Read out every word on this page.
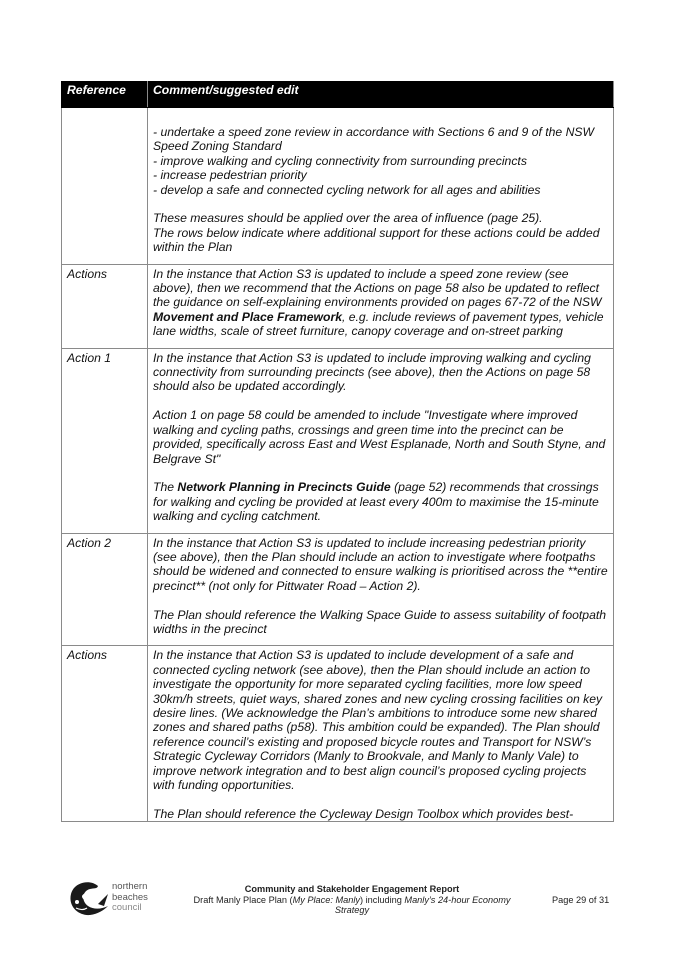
Reference	Comment/suggested edit

- undertake a speed zone review in accordance with Sections 6 and 9 of the NSW Speed Zoning Standard
- improve walking and cycling connectivity from surrounding precincts
- increase pedestrian priority
- develop a safe and connected cycling network for all ages and abilities

These measures should be applied over the area of influence (page 25).
The rows below indicate where additional support for these actions could be added within the Plan

Actions	In the instance that Action S3 is updated to include a speed zone review (see above), then we recommend that the Actions on page 58 also be updated to reflect the guidance on self-explaining environments provided on pages 67-72 of the NSW Movement and Place Framework, e.g. include reviews of pavement types, vehicle lane widths, scale of street furniture, canopy coverage and on-street parking

Action 1	In the instance that Action S3 is updated to include improving walking and cycling connectivity from surrounding precincts (see above), then the Actions on page 58 should also be updated accordingly.

Action 1 on page 58 could be amended to include "Investigate where improved walking and cycling paths, crossings and green time into the precinct can be provided, specifically across East and West Esplanade, North and South Styne, and Belgrave St"

The Network Planning in Precincts Guide (page 52) recommends that crossings for walking and cycling be provided at least every 400m to maximise the 15-minute walking and cycling catchment.

Action 2	In the instance that Action S3 is updated to include increasing pedestrian priority (see above), then the Plan should include an action to investigate where footpaths should be widened and connected to ensure walking is prioritised across the **entire precinct** (not only for Pittwater Road – Action 2).

The Plan should reference the Walking Space Guide to assess suitability of footpath widths in the precinct

Actions	In the instance that Action S3 is updated to include development of a safe and connected cycling network (see above), then the Plan should include an action to investigate the opportunity for more separated cycling facilities, more low speed 30km/h streets, quiet ways, shared zones and new cycling crossing facilities on key desire lines. (We acknowledge the Plan’s ambitions to introduce some new shared zones and shared paths (p58). This ambition could be expanded). The Plan should reference council’s existing and proposed bicycle routes and Transport for NSW’s Strategic Cycleway Corridors (Manly to Brookvale, and Manly to Manly Vale) to improve network integration and to best align council’s proposed cycling projects with funding opportunities.

The Plan should reference the Cycleway Design Toolbox which provides best-

northern
beaches
council
Community and Stakeholder Engagement Report
Draft Manly Place Plan (My Place: Manly) including Manly’s 24-hour Economy Strategy
Page 29 of 31
